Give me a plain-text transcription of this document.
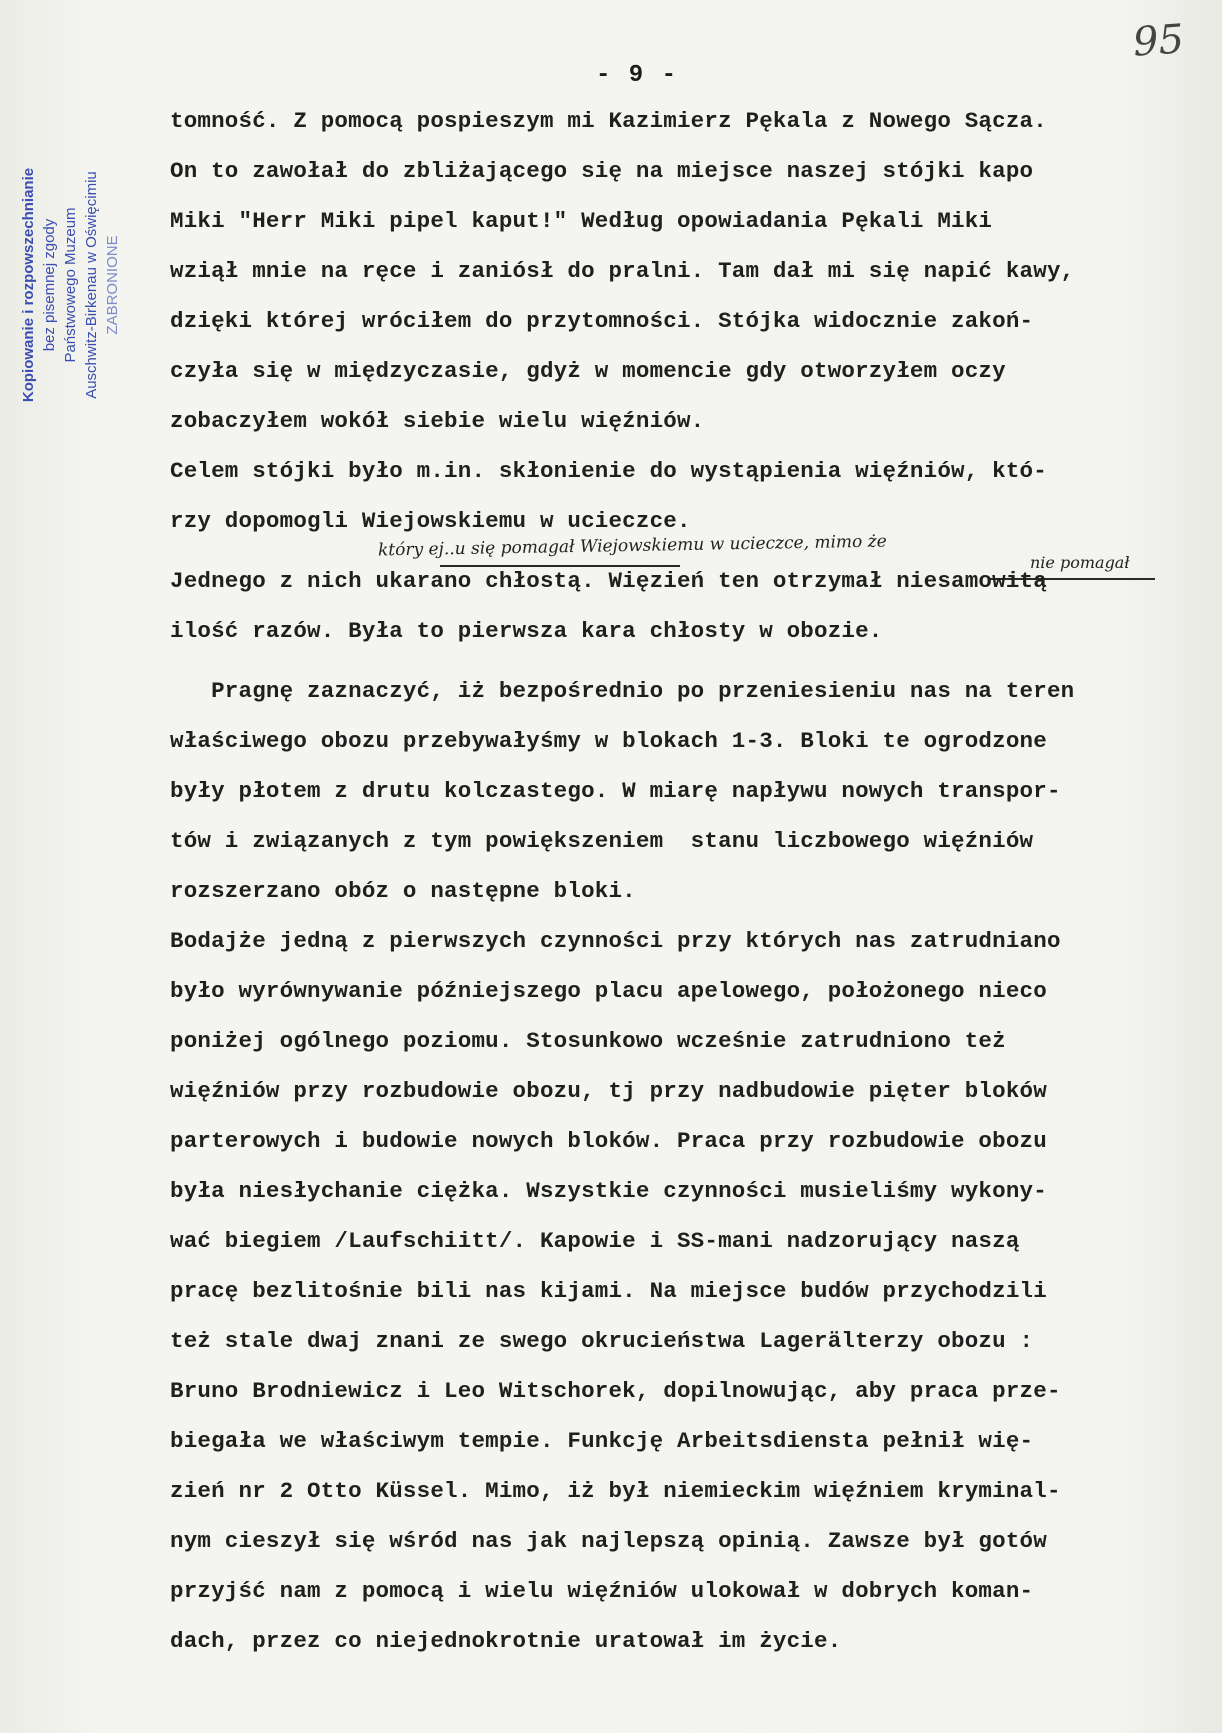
Kopiowanie i rozpowszechnianie bez pisemnej zgody Państwowego Muzeum Auschwitz-Birkenau w Oświęcimiu ZABRONIONE
95
- 9 -
który ej..u się pomagał Wiejowskiemu w ucieczce, mimo że
nie pomagał
tomność. Z pomocą pospieszym mi Kazimierz Pękala z Nowego Sącza.
On to zawołał do zbliżającego się na miejsce naszej stójki kapo
Miki "Herr Miki pipel kaput!" Według opowiadania Pękali Miki
wziął mnie na ręce i zaniósł do pralni. Tam dał mi się napić kawy,
dzięki której wróciłem do przytomności. Stójka widocznie zakoń-
czyła się w międzyczasie, gdyż w momencie gdy otworzyłem oczy
zobaczyłem wokół siebie wielu więźniów.
Celem stójki było m.in. skłonienie do wystąpienia więźniów, któ-
rzy dopomogli Wiejowskiemu w ucieczce.
Jednego z nich ukarano chłostą. Więzień ten otrzymał niesamowitą
ilość razów. Była to pierwsza kara chłosty w obozie.
Pragnę zaznaczyć, iż bezpośrednio po przeniesieniu nas na teren
właściwego obozu przebywałyśmy w blokach 1-3. Bloki te ogrodzone
były płotem z drutu kolczastego. W miarę napływu nowych transpor-
tów i związanych z tym powiększeniem  stanu liczbowego więźniów
rozszerzano obóz o następne bloki.
Bodajże jedną z pierwszych czynności przy których nas zatrudniano
było wyrównywanie późniejszego placu apelowego, położonego nieco
poniżej ogólnego poziomu. Stosunkowo wcześnie zatrudniono też
więźniów przy rozbudowie obozu, tj przy nadbudowie pięter bloków
parterowych i budowie nowych bloków. Praca przy rozbudowie obozu
była niesłychanie ciężka. Wszystkie czynności musieliśmy wykony-
wać biegiem /Laufschiitt/. Kapowie i SS-mani nadzorujący naszą
pracę bezlitośnie bili nas kijami. Na miejsce budów przychodzili
też stale dwaj znani ze swego okrucieństwa Lagerälterzy obozu :
Bruno Brodniewicz i Leo Witschorek, dopilnowując, aby praca prze-
biegała we właściwym tempie. Funkcję Arbeitsdiensta pełnił wię-
zień nr 2 Otto Küssel. Mimo, iż był niemieckim więźniem kryminal-
nym cieszył się wśród nas jak najlepszą opinią. Zawsze był gotów
przyjść nam z pomocą i wielu więźniów ulokował w dobrych koman-
dach, przez co niejednokrotnie uratował im życie.
